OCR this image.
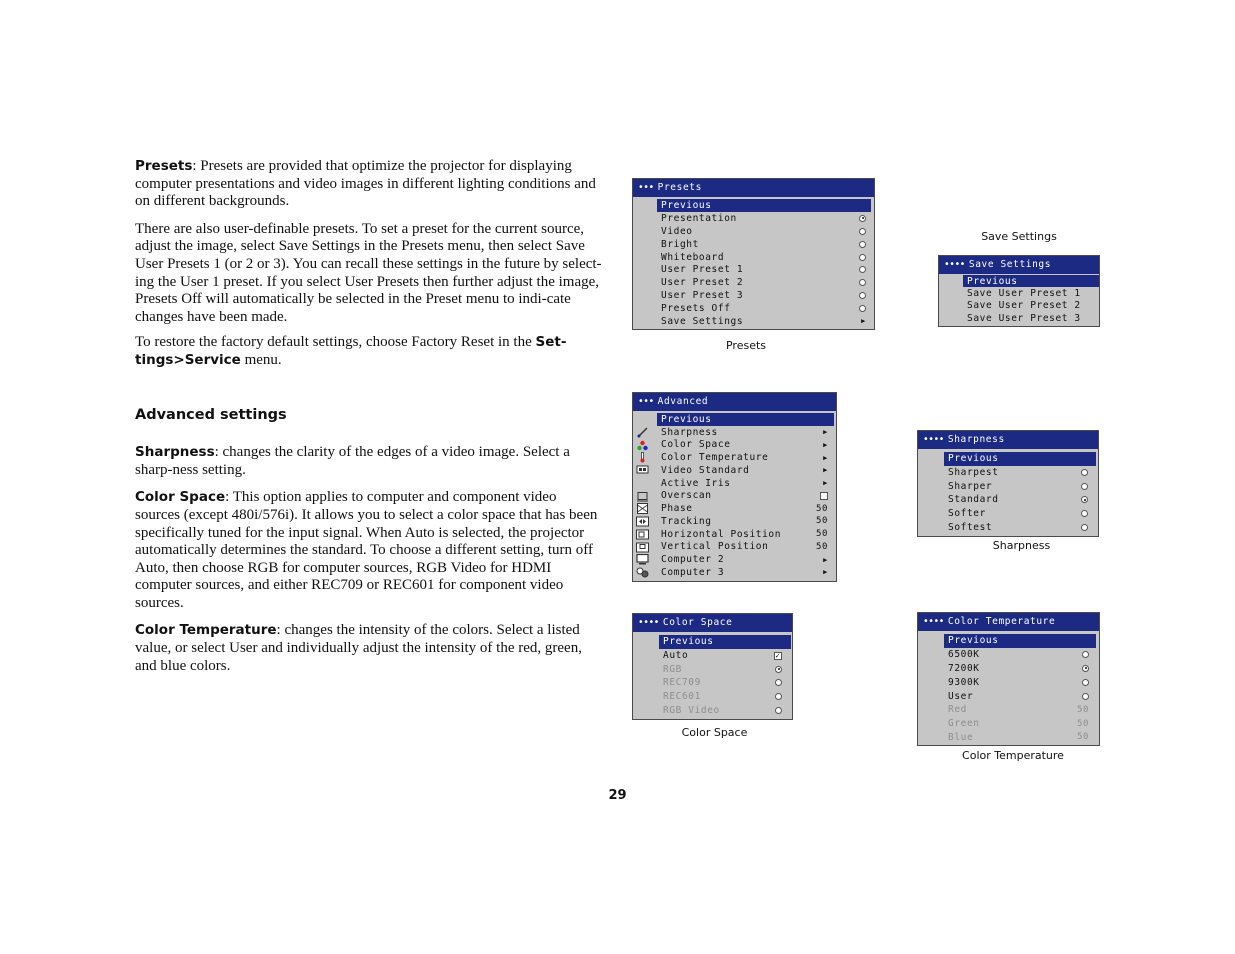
Presets: Presets are provided that optimize the projector for displaying computer presentations and video images in different lighting conditions and on different backgrounds.

There are also user-definable presets. To set a preset for the current source, adjust the image, select Save Settings in the Presets menu, then select Save User Presets 1 (or 2 or 3). You can recall these settings in the future by select-ing the User 1 preset. If you select User Presets then further adjust the image, Presets Off will automatically be selected in the Preset menu to indi-cate changes have been made.

To restore the factory default settings, choose Factory Reset in the Set-tings>Service menu.

Advanced settings

Sharpness: changes the clarity of the edges of a video image. Select a sharp-ness setting.

Color Space: This option applies to computer and component video sources (except 480i/576i). It allows you to select a color space that has been specifically tuned for the input signal. When Auto is selected, the projector automatically determines the standard. To choose a different setting, turn off Auto, then choose RGB for computer sources, RGB Video for HDMI computer sources, and either REC709 or REC601 for component video sources.

Color Temperature: changes the intensity of the colors. Select a listed value, or select User and individually adjust the intensity of the red, green, and blue colors.

••• Presets
Previous
Presentation
Video
Bright
Whiteboard
User Preset 1
User Preset 2
User Preset 3
Presets Off
Save Settings	▶
Presets
Save Settings
•••• Save Settings
Previous
Save User Preset 1
Save User Preset 2
Save User Preset 3
••• Advanced
Previous
Sharpness	▶
Color Space	▶
Color Temperature	▶
Video Standard	▶
Active Iris	▶
Overscan
Phase	50
Tracking	50
Horizontal Position	50
Vertical Position	50
Computer 2	▶
Computer 3	▶
•••• Sharpness
Previous
Sharpest
Sharper
Standard
Softer
Softest
Sharpness
•••• Color Space
Previous
Auto	✓
RGB
REC709
REC601
RGB Video
Color Space
•••• Color Temperature
Previous
6500K
7200K
9300K
User
Red	50
Green	50
Blue	50
Color Temperature
29
